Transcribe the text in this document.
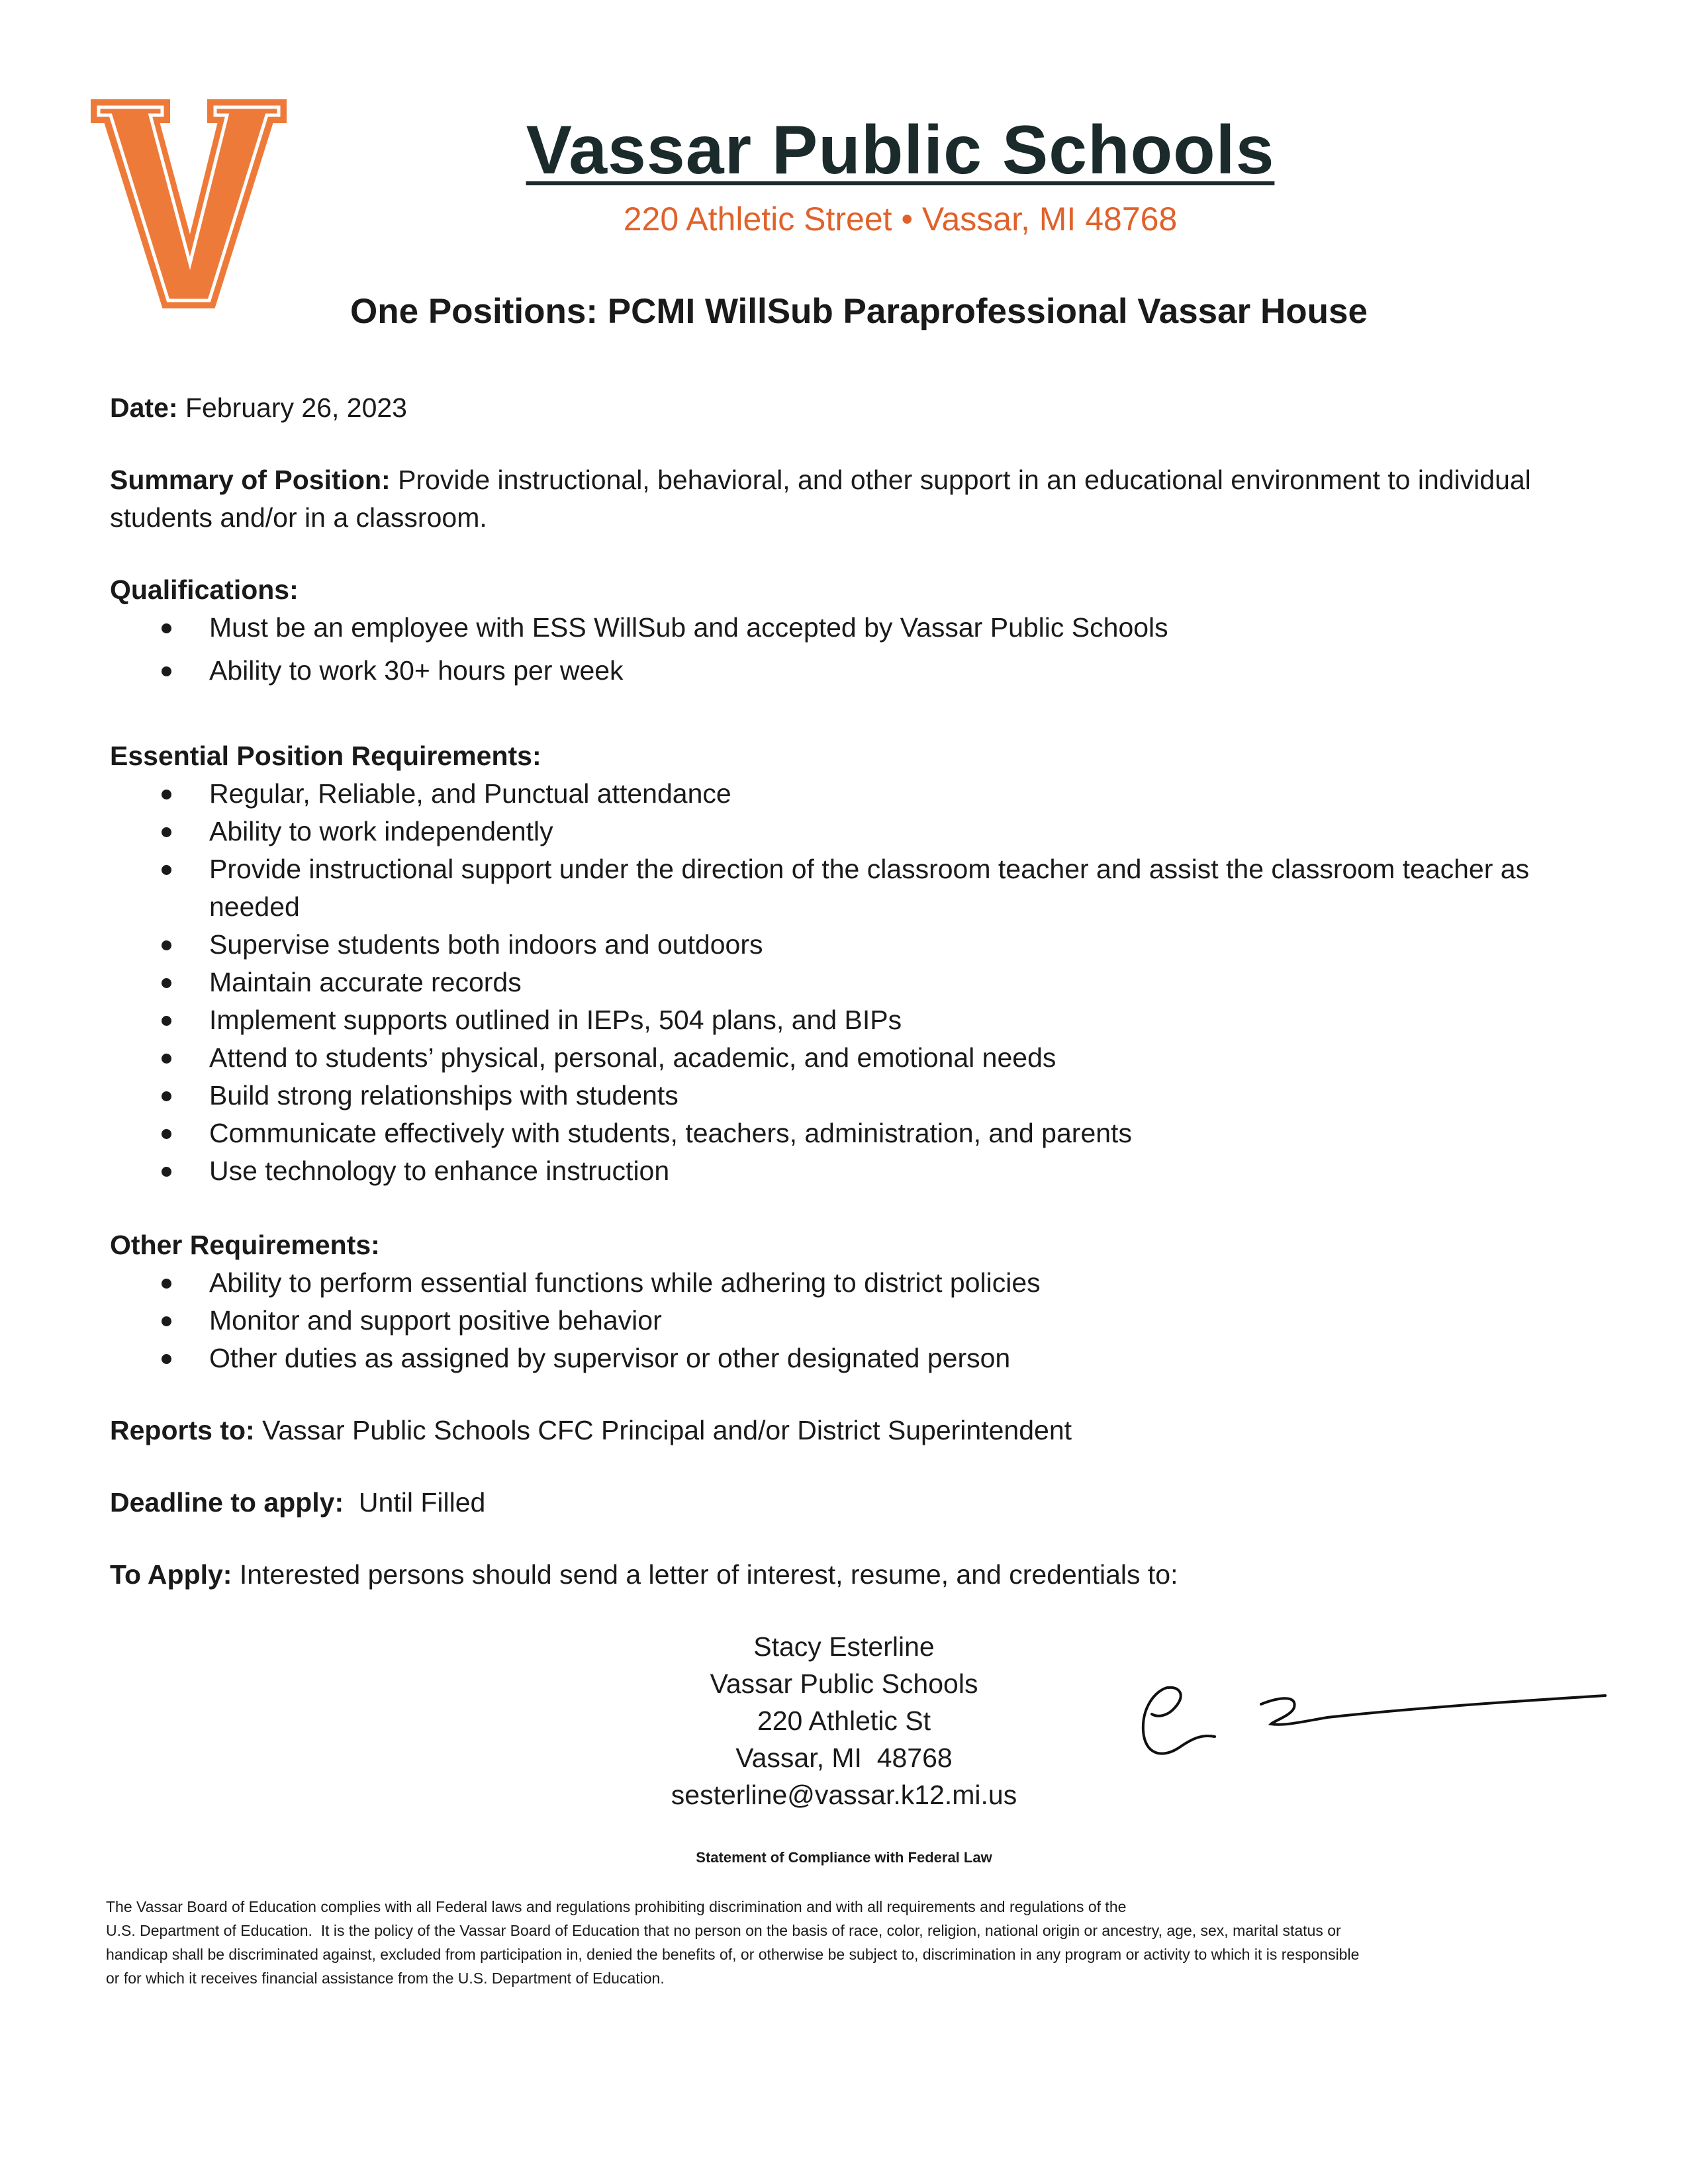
Vassar Public Schools
220 Athletic Street • Vassar, MI 48768
One Positions: PCMI WillSub Paraprofessional Vassar House

Date: February 26, 2023

Summary of Position: Provide instructional, behavioral, and other support in an educational environment to individual students and/or in a classroom.

Qualifications:

Must be an employee with ESS WillSub and accepted by Vassar Public Schools
Ability to work 30+ hours per week

Essential Position Requirements:

Regular, Reliable, and Punctual attendance
Ability to work independently
Provide instructional support under the direction of the classroom teacher and assist the classroom teacher as needed
Supervise students both indoors and outdoors
Maintain accurate records
Implement supports outlined in IEPs, 504 plans, and BIPs
Attend to students’ physical, personal, academic, and emotional needs
Build strong relationships with students
Communicate effectively with students, teachers, administration, and parents
Use technology to enhance instruction

Other Requirements:

Ability to perform essential functions while adhering to district policies
Monitor and support positive behavior
Other duties as assigned by supervisor or other designated person

Reports to: Vassar Public Schools CFC Principal and/or District Superintendent

Deadline to apply: Until Filled

To Apply: Interested persons should send a letter of interest, resume, and credentials to:

Stacy Esterline
Vassar Public Schools
220 Athletic St
Vassar, MI  48768
sesterline@vassar.k12.mi.us
Statement of Compliance with Federal Law
The Vassar Board of Education complies with all Federal laws and regulations prohibiting discrimination and with all requirements and regulations of the
U.S. Department of Education.  It is the policy of the Vassar Board of Education that no person on the basis of race, color, religion, national origin or ancestry, age, sex, marital status or
handicap shall be discriminated against, excluded from participation in, denied the benefits of, or otherwise be subject to, discrimination in any program or activity to which it is responsible
or for which it receives financial assistance from the U.S. Department of Education.
